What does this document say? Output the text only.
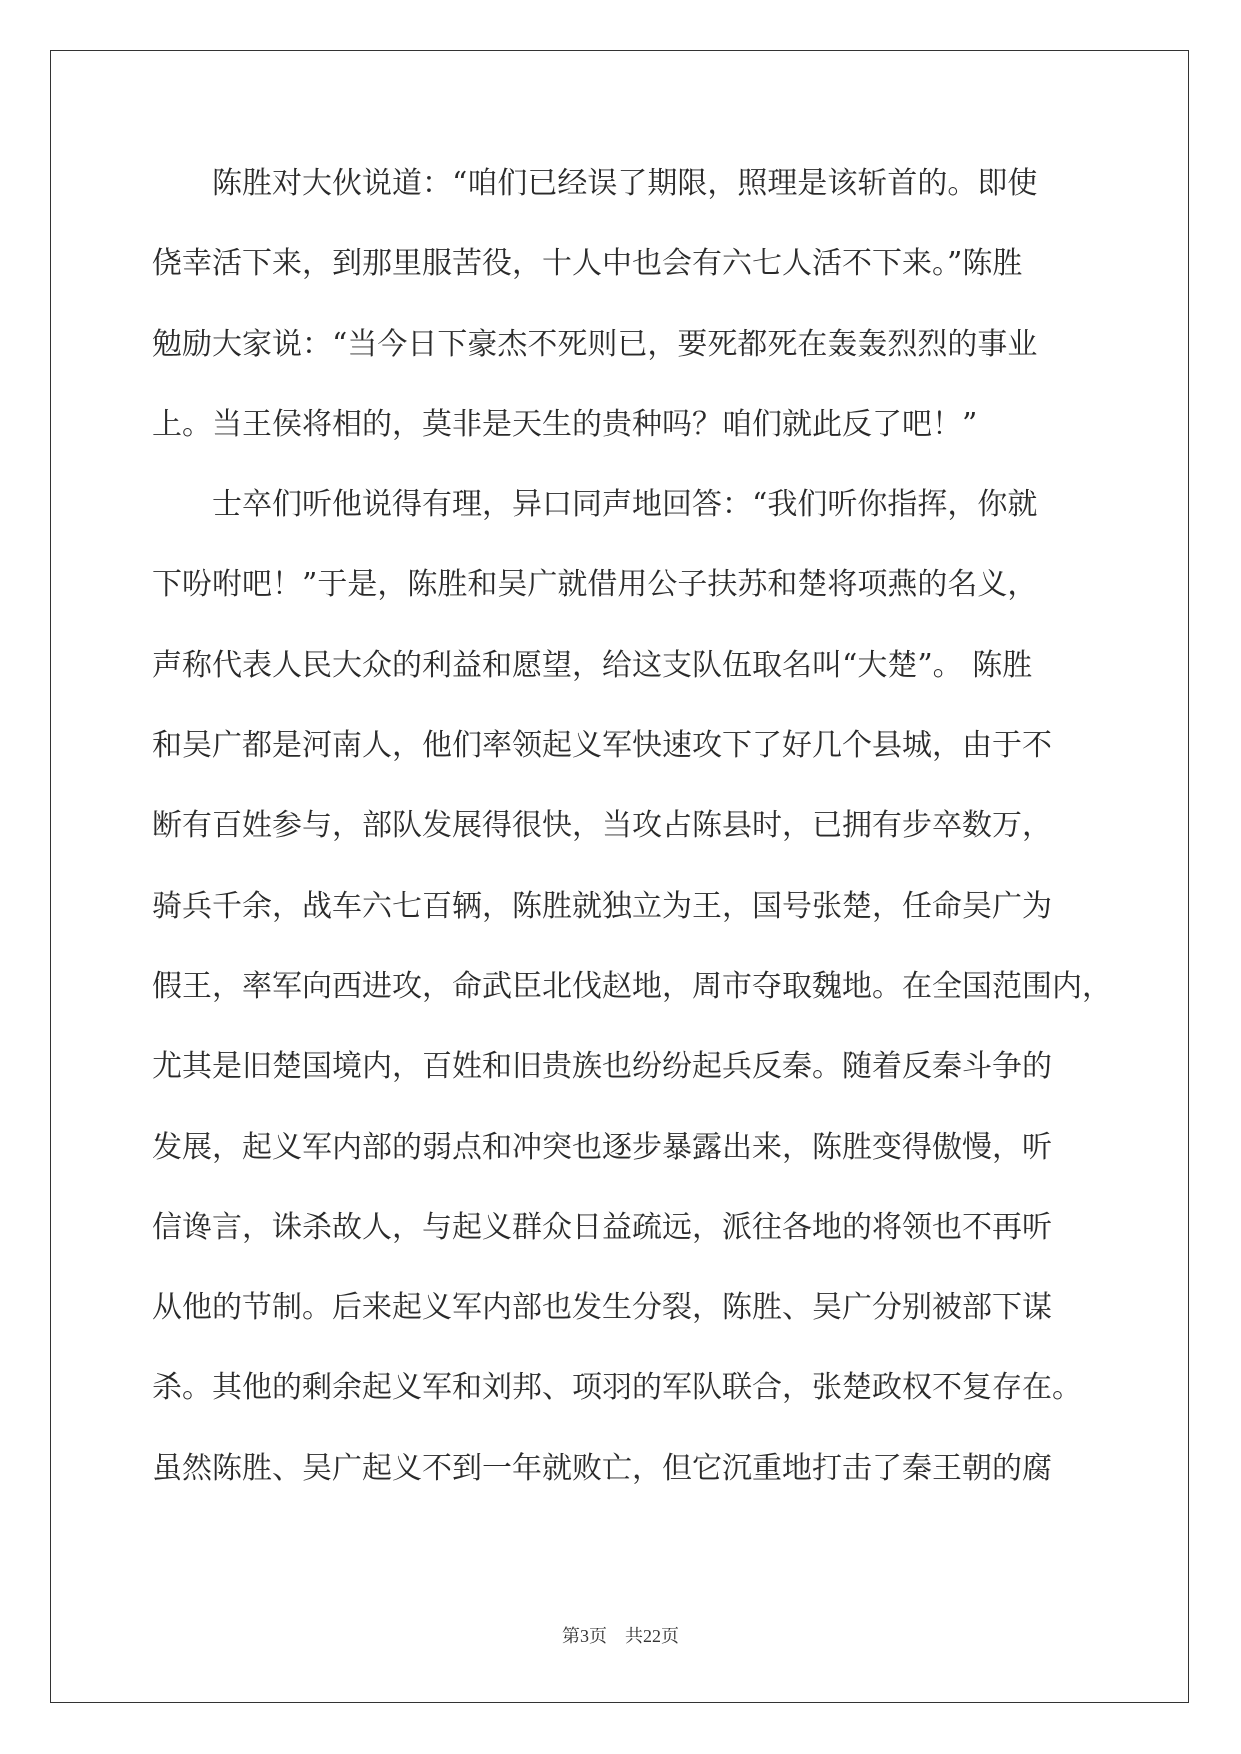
　　陈胜对大伙说道：“咱们已经误了期限，照理是该斩首的。即使
侥幸活下来，到那里服苦役，十人中也会有六七人活不下来。”陈胜
勉励大家说：“当今日下豪杰不死则已，要死都死在轰轰烈烈的事业
上。当王侯将相的，莫非是天生的贵种吗？咱们就此反了吧！”
　　士卒们听他说得有理，异口同声地回答：“我们听你指挥，你就
下吩咐吧！”于是，陈胜和吴广就借用公子扶苏和楚将项燕的名义，
声称代表人民大众的利益和愿望，给这支队伍取名叫“大楚”。 陈胜
和吴广都是河南人，他们率领起义军快速攻下了好几个县城，由于不
断有百姓参与，部队发展得很快，当攻占陈县时，已拥有步卒数万，
骑兵千余，战车六七百辆，陈胜就独立为王，国号张楚，任命吴广为
假王，率军向西进攻，命武臣北伐赵地，周市夺取魏地。在全国范围内，
尤其是旧楚国境内，百姓和旧贵族也纷纷起兵反秦。随着反秦斗争的
发展，起义军内部的弱点和冲突也逐步暴露出来，陈胜变得傲慢，听
信谗言，诛杀故人，与起义群众日益疏远，派往各地的将领也不再听
从他的节制。后来起义军内部也发生分裂，陈胜、吴广分别被部下谋
杀。其他的剩余起义军和刘邦、项羽的军队联合，张楚政权不复存在。
虽然陈胜、吴广起义不到一年就败亡，但它沉重地打击了秦王朝的腐
第3页　共22页
